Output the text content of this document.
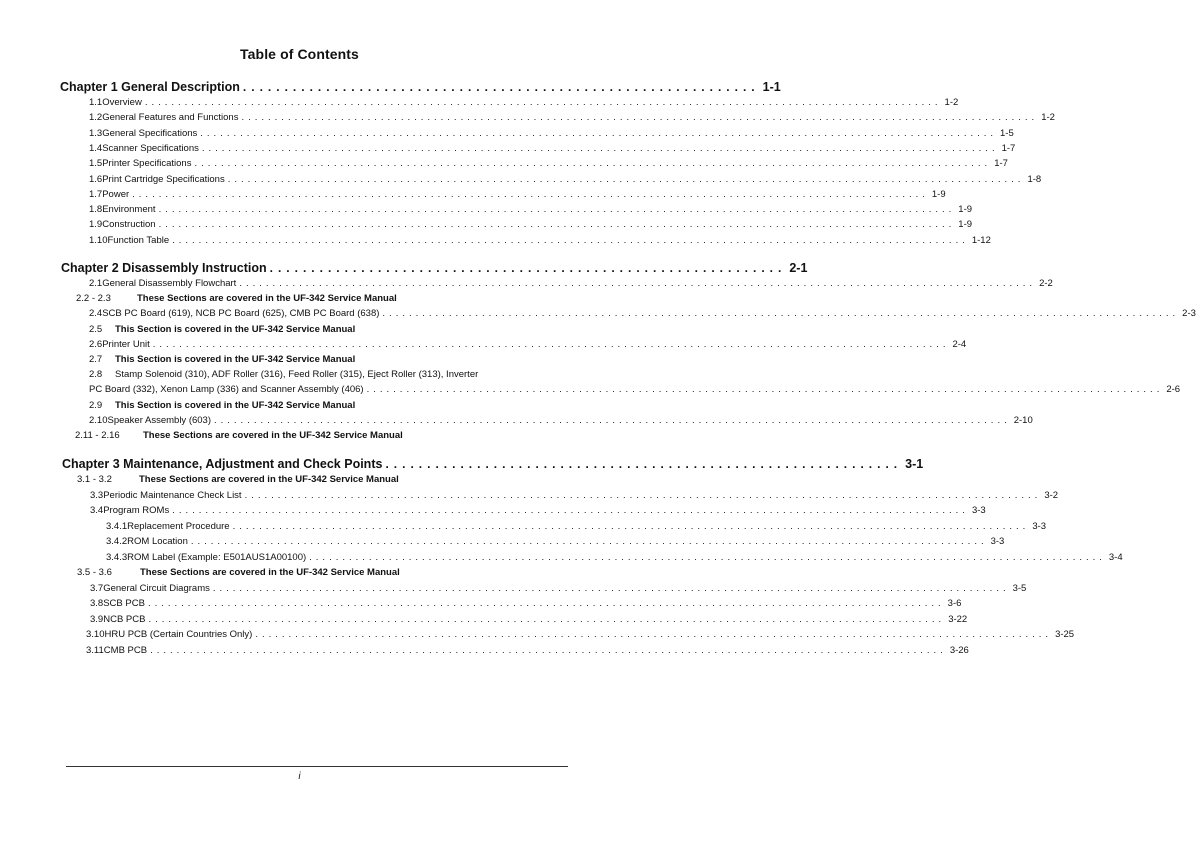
Table of Contents
Chapter 1 General Description .............................................................. 1-1
1.1 Overview ........................................................................................................................ 1-2
1.2 General Features and Functions ........................................................................................................................ 1-2
1.3 General Specifications ........................................................................................................................ 1-5
1.4 Scanner Specifications ........................................................................................................................ 1-7
1.5 Printer Specifications ........................................................................................................................ 1-7
1.6 Print Cartridge Specifications ........................................................................................................................ 1-8
1.7 Power ........................................................................................................................ 1-9
1.8 Environment ........................................................................................................................ 1-9
1.9 Construction ........................................................................................................................ 1-9
1.10 Function Table ........................................................................................................................ 1-12
Chapter 2 Disassembly Instruction .............................................................. 2-1
2.1 General Disassembly Flowchart ........................................................................................................................ 2-2
2.2 - 2.3	These Sections are covered in the UF-342 Service Manual
2.4 SCB PC Board (619), NCB PC Board (625), CMB PC Board (638) ........................................................................................................................ 2-3
2.5	This Section is covered in the UF-342 Service Manual
2.6 Printer Unit ........................................................................................................................ 2-4
2.7	This Section is covered in the UF-342 Service Manual
2.8	Stamp Solenoid (310), ADF Roller (316), Feed Roller (315), Eject Roller (313), Inverter
PC Board (332), Xenon Lamp (336) and Scanner Assembly (406) ........................................................................................................................ 2-6
2.9	This Section is covered in the UF-342 Service Manual
2.10 Speaker Assembly (603) ........................................................................................................................ 2-10
2.11 - 2.16	These Sections are covered in the UF-342 Service Manual
Chapter 3 Maintenance, Adjustment and Check Points .............................................................. 3-1
3.1 - 3.2	These Sections are covered in the UF-342 Service Manual
3.3 Periodic Maintenance Check List ........................................................................................................................ 3-2
3.4 Program ROMs ........................................................................................................................ 3-3
3.4.1 Replacement Procedure ........................................................................................................................ 3-3
3.4.2 ROM Location ........................................................................................................................ 3-3
3.4.3 ROM Label (Example: E501AUS1A00100) ........................................................................................................................ 3-4
3.5 - 3.6	These Sections are covered in the UF-342 Service Manual
3.7 General Circuit Diagrams ........................................................................................................................ 3-5
3.8 SCB PCB ........................................................................................................................ 3-6
3.9 NCB PCB ........................................................................................................................ 3-22
3.10 HRU PCB (Certain Countries Only) ........................................................................................................................ 3-25
3.11 CMB PCB ........................................................................................................................ 3-26
i
